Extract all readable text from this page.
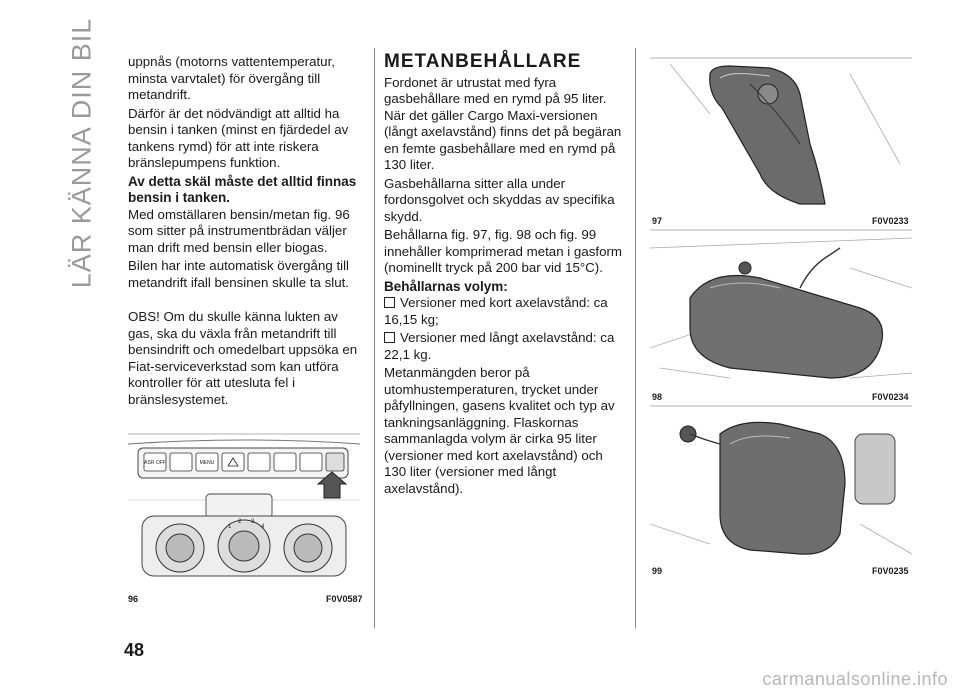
LÄR KÄNNA DIN BIL uppnås (motorns vattentemperatur, minsta varvtalet) för övergång till metandrift.

Därför är det nödvändigt att alltid ha bensin i tanken (minst en fjärdedel av tankens rymd) för att inte riskera bränslepumpens funktion.

Av detta skäl måste det alltid finnas bensin i tanken.

Med omställaren bensin/metan fig. 96 som sitter på instrumentbrädan väljer man drift med bensin eller biogas.

Bilen har inte automatisk övergång till metandrift ifall bensinen skulle ta slut.

OBS! Om du skulle känna lukten av gas, ska du växla från metandrift till bensindrift och omedelbart uppsöka en Fiat-serviceverkstad som kan utföra kontroller för att utesluta fel i bränslesystemet.

ASR OFF	MENU
1
2 3
4
96	F0V0587
METANBEHÅLLARE

Fordonet är utrustat med fyra gasbehållare med en rymd på 95 liter. När det gäller Cargo Maxi-versionen (långt axelavstånd) finns det på begäran en femte gasbehållare med en rymd på 130 liter.

Gasbehållarna sitter alla under fordonsgolvet och skyddas av specifika skydd.

Behållarna fig. 97, fig. 98 och fig. 99 innehåller komprimerad metan i gasform (nominellt tryck på 200 bar vid 15°C).

Behållarnas volym:

Versioner med kort axelavstånd: ca 16,15 kg;

Versioner med långt axelavstånd: ca 22,1 kg.

Metanmängden beror på utomhustemperaturen, trycket under påfyllningen, gasens kvalitet och typ av tankningsanläggning. Flaskornas sammanlagda volym är cirka 95 liter (versioner med kort axelavstånd) och 130 liter (versioner med långt axelavstånd).

97	F0V0233
98	F0V0234
99	F0V0235
48
carmanualsonline.info
